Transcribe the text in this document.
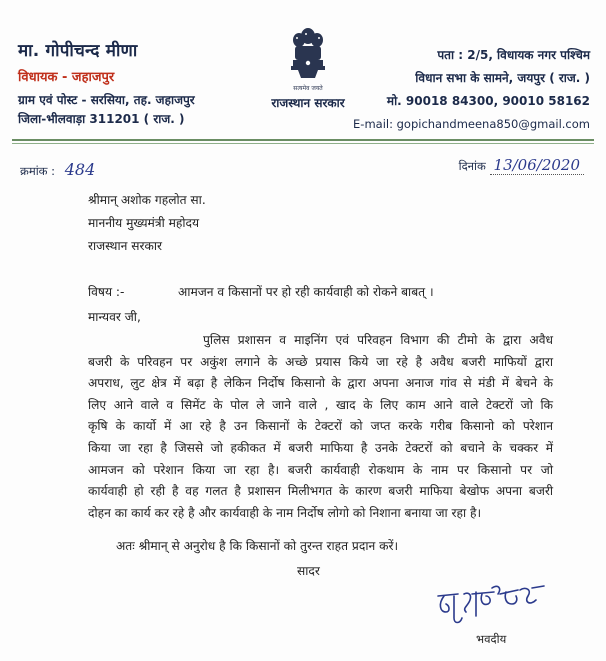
मा. गोपीचन्द मीणा
विधायक - जहाजपुर
ग्राम एवं पोस्ट - सरसिया, तह. जहाजपुर
जिला-भीलवाड़ा 311201 ( राज. )
सत्यमेव जयते
राजस्थान सरकार
पता : 2/5, विधायक नगर पश्चिम
विधान सभा के सामने, जयपुर ( राज. )
मो. 90018 84300, 90010 58162
E-mail: gopichandmeena850@gmail.com
क्रमांक : 484	दिनांक 13/06/2020
श्रीमान् अशोक गहलोत सा.
माननीय मुख्यमंत्री महोदय
राजस्थान सरकार
विषय :-	आमजन व किसानों पर हो रही कार्यवाही को रोकने बाबत् ।
मान्यवर जी,
पुलिस प्रशासन व माइनिंग एवं परिवहन विभाग की टीमो के द्वारा अवैध
बजरी के परिवहन पर अकुंश लगाने के अच्छे प्रयास किये जा रहे है अवैध बजरी माफियों द्वारा
अपराध, लुट क्षेत्र में बढ़ा है लेकिन निर्दोष किसानो के द्वारा अपना अनाज गांव से मंडी में बेचने के
लिए आने वाले व सिमेंट के पोल ले जाने वाले , खाद के लिए काम आने वाले टेक्टरों जो कि
कृषि के कार्यो में आ रहे है उन किसानों के टेक्टरों को जप्त करके गरीब किसानो को परेशान
किया जा रहा है जिससे जो हकीकत में बजरी माफिया है उनके टेक्टरों को बचाने के चक्कर में
आमजन को परेशान किया जा रहा है। बजरी कार्यवाही रोकथाम के नाम पर किसानो पर जो
कार्यवाही हो रही है वह गलत है प्रशासन मिलीभगत के कारण बजरी माफिया बेखोफ अपना बजरी
दोहन का कार्य कर रहे है और कार्यवाही के नाम निर्दोष लोगो को निशाना बनाया जा रहा है।
अतः श्रीमान् से अनुरोध है कि किसानों को तुरन्त राहत प्रदान करें।
सादर
भवदीय
